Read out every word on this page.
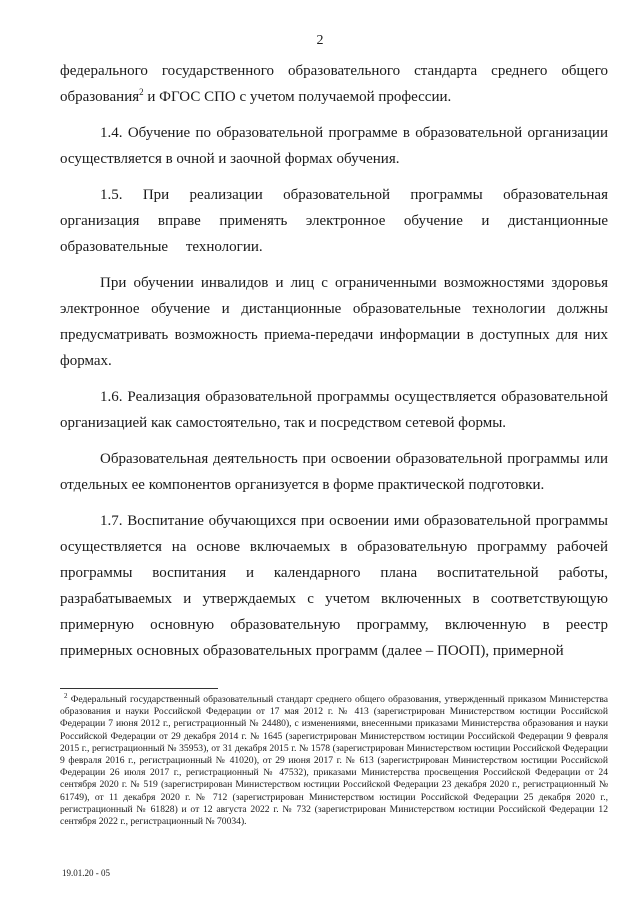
2

федерального государственного образовательного стандарта среднего общего образования$^2$ и ФГОС СПО с учетом получаемой профессии.

1.4. Обучение по образовательной программе в образовательной организации осуществляется в очной и заочной формах обучения.

1.5. При реализации образовательной программы образовательная организация вправе применять электронное обучение и дистанционные образовательные технологии.

При обучении инвалидов и лиц с ограниченными возможностями здоровья электронное обучение и дистанционные образовательные технологии должны предусматривать возможность приема-передачи информации в доступных для них формах.

1.6. Реализация образовательной программы осуществляется образовательной организацией как самостоятельно, так и посредством сетевой формы.

Образовательная деятельность при освоении образовательной программы или отдельных ее компонентов организуется в форме практической подготовки.

1.7. Воспитание обучающихся при освоении ими образовательной программы осуществляется на основе включаемых в образовательную программу рабочей программы воспитания и календарного плана воспитательной работы, разрабатываемых и утверждаемых с учетом включенных в соответствующую примерную основную образовательную программу, включенную в реестр примерных основных образовательных программ (далее – ПООП), примерной

$^2$ Федеральный государственный образовательный стандарт среднего общего образования, утвержденный приказом Министерства образования и науки Российской Федерации от 17 мая 2012 г. № 413 (зарегистрирован Министерством юстиции Российской Федерации 7 июня 2012 г., регистрационный № 24480), с изменениями, внесенными приказами Министерства образования и науки Российской Федерации от 29 декабря 2014 г. № 1645 (зарегистрирован Министерством юстиции Российской Федерации 9 февраля 2015 г., регистрационный № 35953), от 31 декабря 2015 г. № 1578 (зарегистрирован Министерством юстиции Российской Федерации 9 февраля 2016 г., регистрационный № 41020), от 29 июня 2017 г. № 613 (зарегистрирован Министерством юстиции Российской Федерации 26 июля 2017 г., регистрационный № 47532), приказами Министерства просвещения Российской Федерации от 24 сентября 2020 г. № 519 (зарегистрирован Министерством юстиции Российской Федерации 23 декабря 2020 г., регистрационный № 61749), от 11 декабря 2020 г. № 712 (зарегистрирован Министерством юстиции Российской Федерации 25 декабря 2020 г., регистрационный № 61828) и от 12 августа 2022 г. № 732 (зарегистрирован Министерством юстиции Российской Федерации 12 сентября 2022 г., регистрационный № 70034).
19.01.20 - 05
